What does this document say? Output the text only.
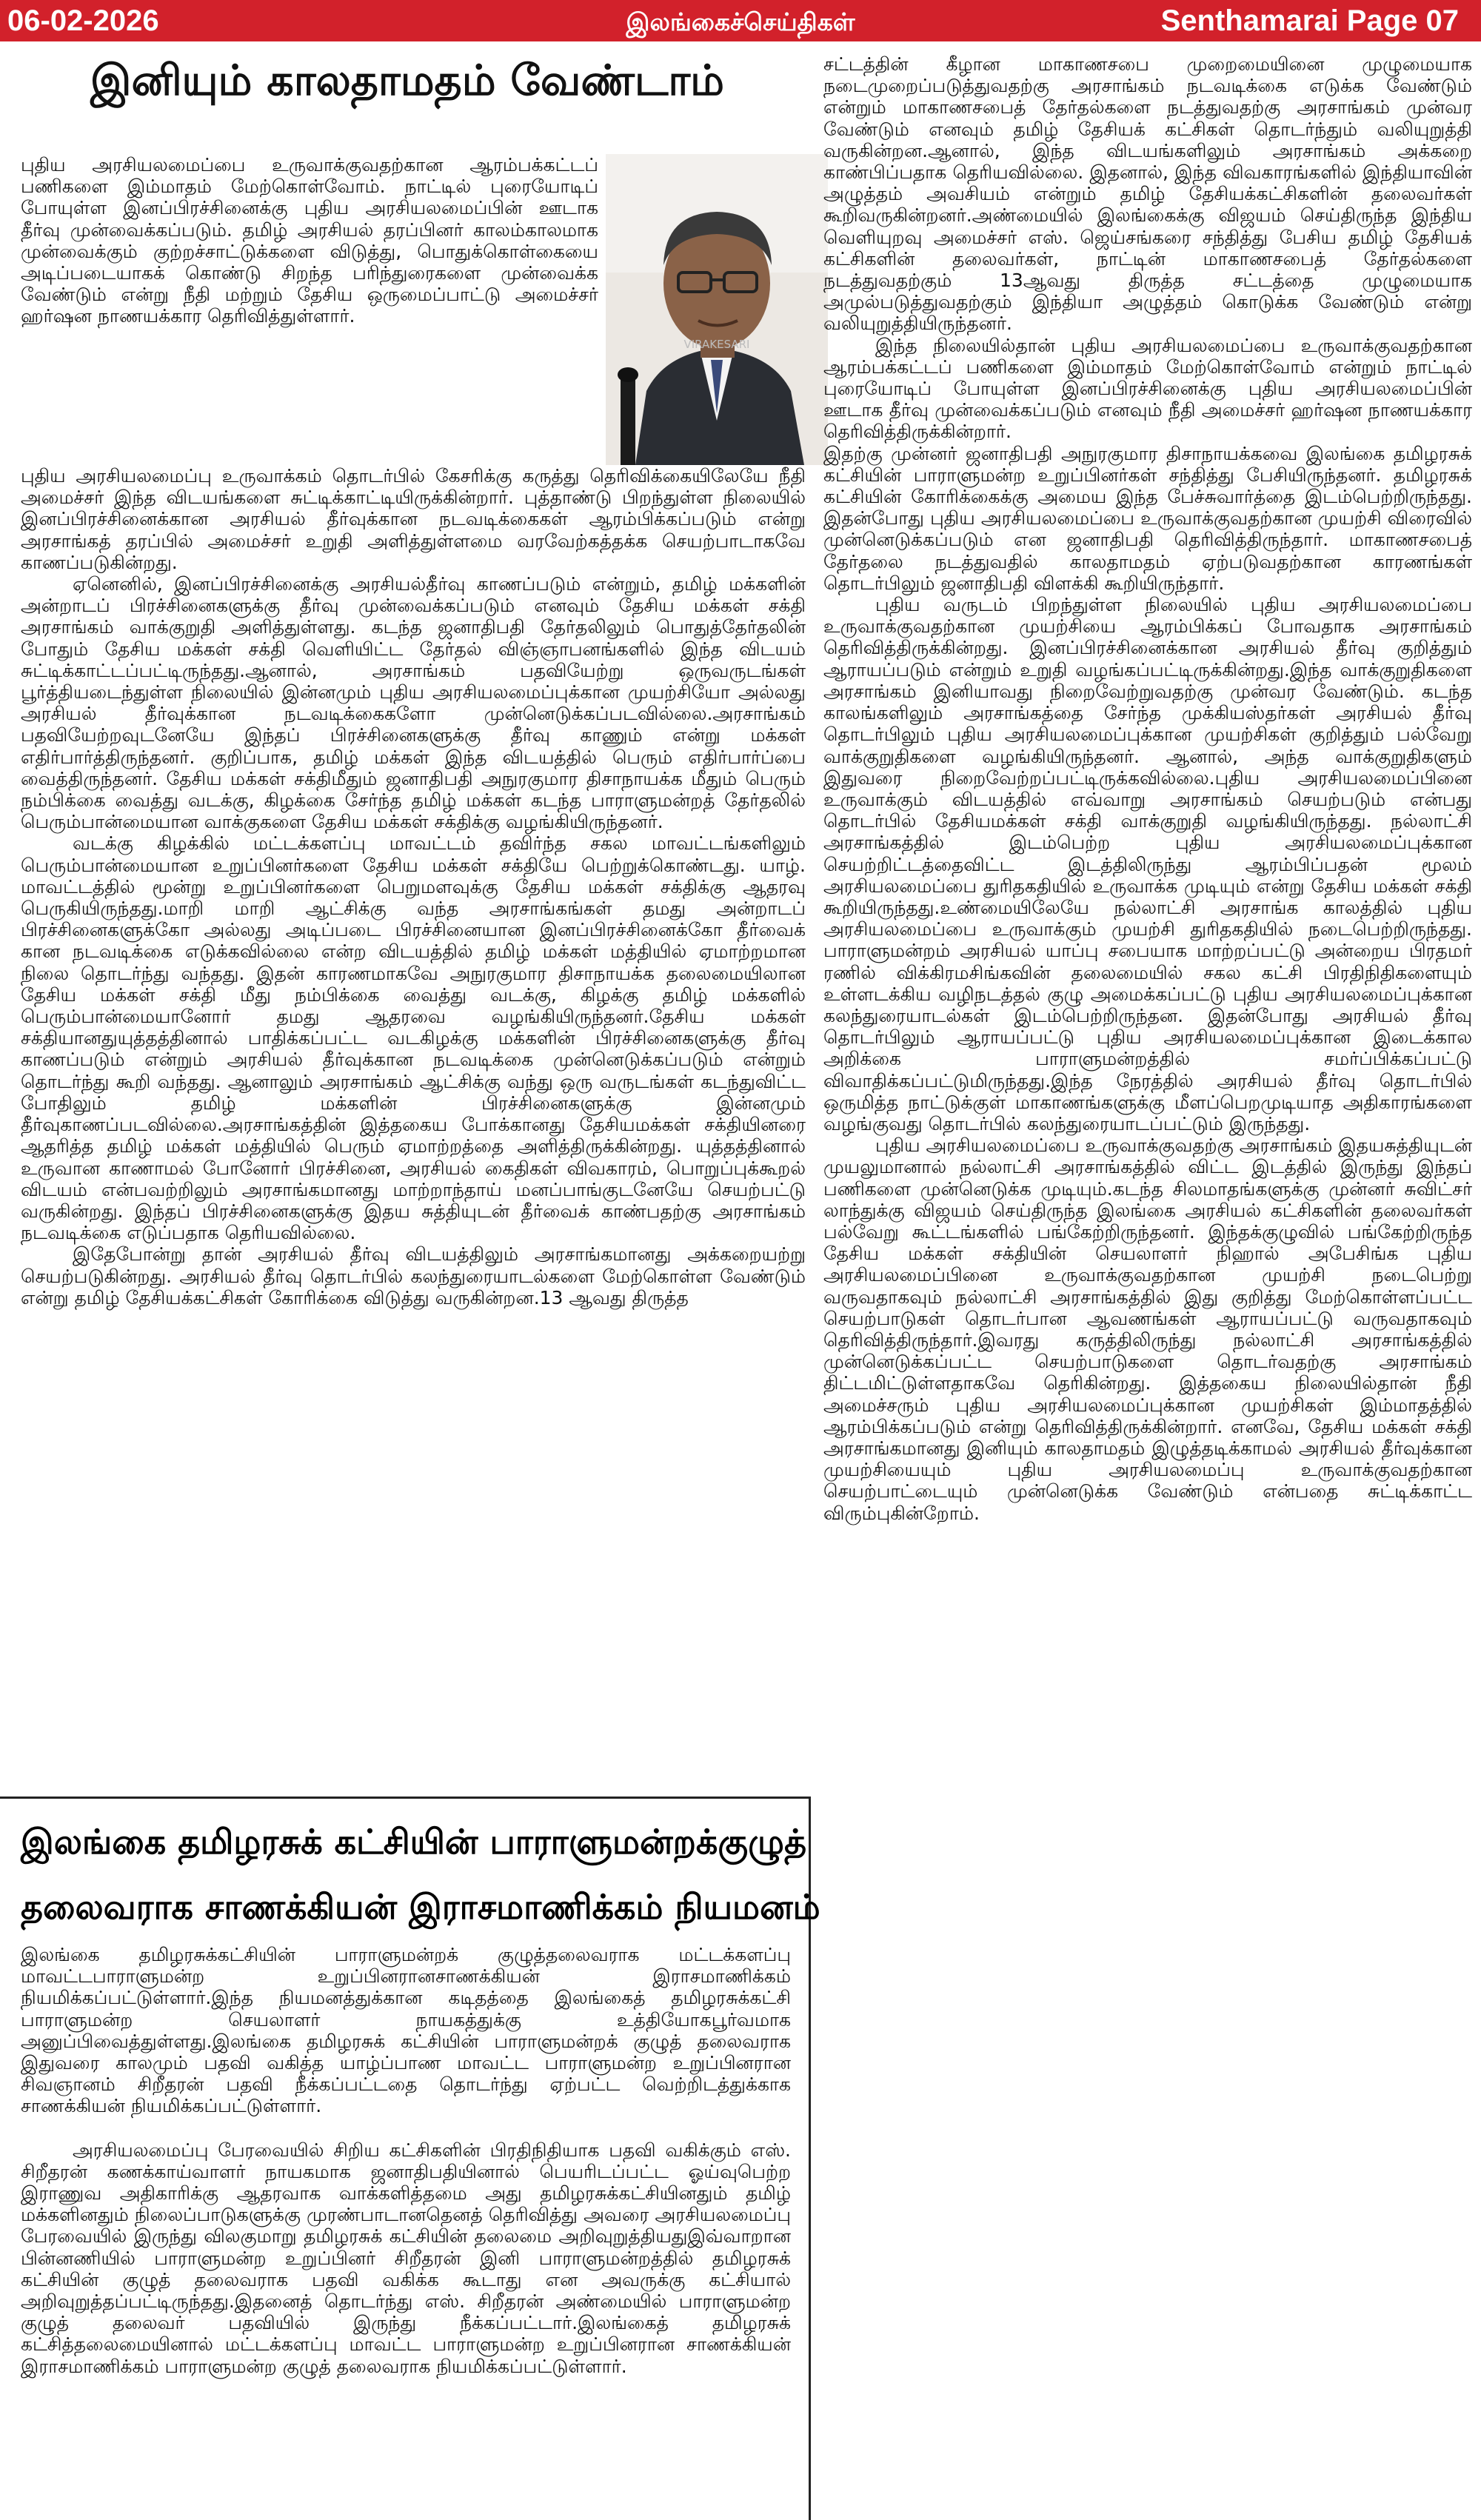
06-02-2026	இலங்கைச்செய்திகள்	Senthamarai Page 07
இனியும் காலதாமதம் வேண்டாம்
VIRAKESARI

புதிய அரசியலமைப்பை உருவாக்குவதற்கான ஆரம்பக்கட்டப் பணிகளை இம்மாதம் மேற்கொள்வோம். நாட்டில் புரையோடிப் போயுள்ள இனப்பிரச்சினைக்கு புதிய அரசியலமைப்பின் ஊடாக தீர்வு முன்வைக்கப்படும். தமிழ் அரசியல் தரப்பினர் காலம்காலமாக முன்வைக்கும் குற்றச்சாட்டுக்களை விடுத்து, பொதுக்கொள்கையை அடிப்படையாகக் கொண்டு சிறந்த பரிந்துரைகளை முன்வைக்க வேண்டும் என்று நீதி மற்றும் தேசிய ஒருமைப்பாட்டு அமைச்சர் ஹர்ஷன நாணயக்கார தெரிவித்துள்ளார்.

புதிய அரசியலமைப்பு உருவாக்கம் தொடர்பில் கேசரிக்கு கருத்து தெரிவிக்கையிலேயே நீதி அமைச்சர் இந்த விடயங்களை சுட்டிக்காட்டியிருக்கின்றார். புத்தாண்டு பிறந்துள்ள நிலையில் இனப்பிரச்சினைக்கான அரசியல் தீர்வுக்கான நடவடிக்கைகள் ஆரம்பிக்கப்படும் என்று அரசாங்கத் தரப்பில் அமைச்சர் உறுதி அளித்துள்ளமை வரவேற்கத்தக்க செயற்பாடாகவே காணப்படுகின்றது.

ஏனெனில், இனப்பிரச்சினைக்கு அரசியல்தீர்வு காணப்படும் என்றும், தமிழ் மக்களின் அன்றாடப் பிரச்சினைகளுக்கு தீர்வு முன்வைக்கப்படும் எனவும் தேசிய மக்கள் சக்தி அரசாங்கம் வாக்குறுதி அளித்துள்ளது. கடந்த ஜனாதிபதி தேர்தலிலும் பொதுத்தேர்தலின் போதும் தேசிய மக்கள் சக்தி வெளியிட்ட தேர்தல் விஞ்ஞாபனங்களில் இந்த விடயம் சுட்டிக்காட்டப்பட்டிருந்தது.ஆனால், அரசாங்கம் பதவியேற்று ஒருவருடங்கள் பூர்த்தியடைந்துள்ள நிலையில் இன்னமும் புதிய அரசியலமைப்புக்கான முயற்சியோ அல்லது அரசியல் தீர்வுக்கான நடவடிக்கைகளோ முன்னெடுக்கப்படவில்லை.அரசாங்கம் பதவியேற்றவுடனேயே இந்தப் பிரச்சினைகளுக்கு தீர்வு காணும் என்று மக்கள் எதிர்பார்த்திருந்தனர். குறிப்பாக, தமிழ் மக்கள் இந்த விடயத்தில் பெரும் எதிர்பார்ப்பை வைத்திருந்தனர். தேசிய மக்கள் சக்திமீதும் ஜனாதிபதி அநுரகுமார திசாநாயக்க மீதும் பெரும் நம்பிக்கை வைத்து வடக்கு, கிழக்கை சேர்ந்த தமிழ் மக்கள் கடந்த பாராளுமன்றத் தேர்தலில் பெரும்பான்மையான வாக்குகளை தேசிய மக்கள் சக்திக்கு வழங்கியிருந்தனர்.

வடக்கு கிழக்கில் மட்டக்களப்பு மாவட்டம் தவிர்ந்த சகல மாவட்டங்களிலும் பெரும்பான்மையான உறுப்பினர்களை தேசிய மக்கள் சக்தியே பெற்றுக்கொண்டது. யாழ். மாவட்டத்தில் மூன்று உறுப்பினர்களை பெறுமளவுக்கு தேசிய மக்கள் சக்திக்கு ஆதரவு பெருகியிருந்தது.மாறி மாறி ஆட்சிக்கு வந்த அரசாங்கங்கள் தமது அன்றாடப் பிரச்சினைகளுக்கோ அல்லது அடிப்படை பிரச்சினையான இனப்பிரச்சினைக்கோ தீர்வைக் கான நடவடிக்கை எடுக்கவில்லை என்ற விடயத்தில் தமிழ் மக்கள் மத்தியில் ஏமாற்றமான நிலை தொடர்ந்து வந்தது. இதன் காரணமாகவே அநுரகுமார திசாநாயக்க தலைமையிலான தேசிய மக்கள் சக்தி மீது நம்பிக்கை வைத்து வடக்கு, கிழக்கு தமிழ் மக்களில் பெரும்பான்மையானோர் தமது ஆதரவை வழங்கியிருந்தனர்.தேசிய மக்கள் சக்தியானதுயுத்தத்தினால் பாதிக்கப்பட்ட வடகிழக்கு மக்களின் பிரச்சினைகளுக்கு தீர்வு காணப்படும் என்றும் அரசியல் தீர்வுக்கான நடவடிக்கை முன்னெடுக்கப்படும் என்றும் தொடர்ந்து கூறி வந்தது. ஆனாலும் அரசாங்கம் ஆட்சிக்கு வந்து ஒரு வருடங்கள் கடந்துவிட்ட போதிலும் தமிழ் மக்களின் பிரச்சினைகளுக்கு இன்னமும் தீர்வுகாணப்படவில்லை.அரசாங்கத்தின் இத்தகைய போக்கானது தேசியமக்கள் சக்தியினரை ஆதரித்த தமிழ் மக்கள் மத்தியில் பெரும் ஏமாற்றத்தை அளித்திருக்கின்றது. யுத்தத்தினால் உருவான காணாமல் போனோர் பிரச்சினை, அரசியல் கைதிகள் விவகாரம், பொறுப்புக்கூறல் விடயம் என்பவற்றிலும் அரசாங்கமானது மாற்றாந்தாய் மனப்பாங்குடனேயே செயற்பட்டு வருகின்றது. இந்தப் பிரச்சினைகளுக்கு இதய சுத்தியுடன் தீர்வைக் காண்பதற்கு அரசாங்கம் நடவடிக்கை எடுப்பதாக தெரியவில்லை.

இதேபோன்று தான் அரசியல் தீர்வு விடயத்திலும் அரசாங்கமானது அக்கறையற்று செயற்படுகின்றது. அரசியல் தீர்வு தொடர்பில் கலந்துரையாடல்களை மேற்கொள்ள வேண்டும் என்று தமிழ் தேசியக்கட்சிகள் கோரிக்கை விடுத்து வருகின்றன.13 ஆவது திருத்த

சட்டத்தின் கீழான மாகாணசபை முறைமையினை முழுமையாக நடைமுறைப்படுத்துவதற்கு அரசாங்கம் நடவடிக்கை எடுக்க வேண்டும் என்றும் மாகாணசபைத் தேர்தல்களை நடத்துவதற்கு அரசாங்கம் முன்வர வேண்டும் எனவும் தமிழ் தேசியக் கட்சிகள் தொடர்ந்தும் வலியுறுத்தி வருகின்றன.ஆனால், இந்த விடயங்களிலும் அரசாங்கம் அக்கறை காண்பிப்பதாக தெரியவில்லை. இதனால், இந்த விவகாரங்களில் இந்தியாவின் அழுத்தம் அவசியம் என்றும் தமிழ் தேசியக்கட்சிகளின் தலைவர்கள் கூறிவருகின்றனர்.அண்மையில் இலங்கைக்கு விஜயம் செய்திருந்த இந்திய வெளியுறவு அமைச்சர் எஸ். ஜெய்சங்கரை சந்தித்து பேசிய தமிழ் தேசியக் கட்சிகளின் தலைவர்கள், நாட்டின் மாகாணசபைத் தேர்தல்களை நடத்துவதற்கும் 13ஆவது திருத்த சட்டத்தை முழுமையாக அமுல்படுத்துவதற்கும் இந்தியா அழுத்தம் கொடுக்க வேண்டும் என்று வலியுறுத்தியிருந்தனர்.

இந்த நிலையில்தான் புதிய அரசியலமைப்பை உருவாக்குவதற்கான ஆரம்பக்கட்டப் பணிகளை இம்மாதம் மேற்கொள்வோம் என்றும் நாட்டில் புரையோடிப் போயுள்ள இனப்பிரச்சினைக்கு புதிய அரசியலமைப்பின் ஊடாக தீர்வு முன்வைக்கப்படும் எனவும் நீதி அமைச்சர் ஹர்ஷன நாணயக்கார தெரிவித்திருக்கின்றார்.

இதற்கு முன்னர் ஜனாதிபதி அநுரகுமார திசாநாயக்கவை இலங்கை தமிழரசுக் கட்சியின் பாராளுமன்ற உறுப்பினர்கள் சந்தித்து பேசியிருந்தனர். தமிழரசுக் கட்சியின் கோரிக்கைக்கு அமைய இந்த பேச்சுவார்த்தை இடம்பெற்றிருந்தது. இதன்போது புதிய அரசியலமைப்பை உருவாக்குவதற்கான முயற்சி விரைவில் முன்னெடுக்கப்படும் என ஜனாதிபதி தெரிவித்திருந்தார். மாகாணசபைத் தேர்தலை நடத்துவதில் காலதாமதம் ஏற்படுவதற்கான காரணங்கள் தொடர்பிலும் ஜனாதிபதி விளக்கி கூறியிருந்தார்.

புதிய வருடம் பிறந்துள்ள நிலையில் புதிய அரசியலமைப்பை உருவாக்குவதற்கான முயற்சியை ஆரம்பிக்கப் போவதாக அரசாங்கம் தெரிவித்திருக்கின்றது. இனப்பிரச்சினைக்கான அரசியல் தீர்வு குறித்தும் ஆராயப்படும் என்றும் உறுதி வழங்கப்பட்டிருக்கின்றது.இந்த வாக்குறுதிகளை அரசாங்கம் இனியாவது நிறைவேற்றுவதற்கு முன்வர வேண்டும். கடந்த காலங்களிலும் அரசாங்கத்தை சேர்ந்த முக்கியஸ்தர்கள் அரசியல் தீர்வு தொடர்பிலும் புதிய அரசியலமைப்புக்கான முயற்சிகள் குறித்தும் பல்வேறு வாக்குறுதிகளை வழங்கியிருந்தனர். ஆனால், அந்த வாக்குறுதிகளும் இதுவரை நிறைவேற்றப்பட்டிருக்கவில்லை.புதிய அரசியலமைப்பினை உருவாக்கும் விடயத்தில் எவ்வாறு அரசாங்கம் செயற்படும் என்பது தொடர்பில் தேசியமக்கள் சக்தி வாக்குறுதி வழங்கியிருந்தது. நல்லாட்சி அரசாங்கத்தில் இடம்பெற்ற புதிய அரசியலமைப்புக்கான செயற்றிட்டத்தைவிட்ட இடத்திலிருந்து ஆரம்பிப்பதன் மூலம் அரசியலமைப்பை துரிதகதியில் உருவாக்க முடியும் என்று தேசிய மக்கள் சக்தி கூறியிருந்தது.உண்மையிலேயே நல்லாட்சி அரசாங்க காலத்தில் புதிய அரசியலமைப்பை உருவாக்கும் முயற்சி துரிதகதியில் நடைபெற்றிருந்தது. பாராளுமன்றம் அரசியல் யாப்பு சபையாக மாற்றப்பட்டு அன்றைய பிரதமர் ரணில் விக்கிரமசிங்கவின் தலைமையில் சகல கட்சி பிரதிநிதிகளையும் உள்ளடக்கிய வழிநடத்தல் குழு அமைக்கப்பட்டு புதிய அரசியலமைப்புக்கான கலந்துரையாடல்கள் இடம்பெற்றிருந்தன. இதன்போது அரசியல் தீர்வு தொடர்பிலும் ஆராயப்பட்டு புதிய அரசியலமைப்புக்கான இடைக்கால அறிக்கை பாராளுமன்றத்தில் சமர்ப்பிக்கப்பட்டு விவாதிக்கப்பட்டுமிருந்தது.இந்த நேரத்தில் அரசியல் தீர்வு தொடர்பில் ஒருமித்த நாட்டுக்குள் மாகாணங்களுக்கு மீளப்பெறமுடியாத அதிகாரங்களை வழங்குவது தொடர்பில் கலந்துரையாடப்பட்டும் இருந்தது.

புதிய அரசியலமைப்பை உருவாக்குவதற்கு அரசாங்கம் இதயசுத்தியுடன் முயலுமானால் நல்லாட்சி அரசாங்கத்தில் விட்ட இடத்தில் இருந்து இந்தப் பணிகளை முன்னெடுக்க முடியும்.கடந்த சிலமாதங்களுக்கு முன்னர் சுவிட்சர் லாந்துக்கு விஜயம் செய்திருந்த இலங்கை அரசியல் கட்சிகளின் தலைவர்கள் பல்வேறு கூட்டங்களில் பங்கேற்றிருந்தனர். இந்தக்குழுவில் பங்கேற்றிருந்த தேசிய மக்கள் சக்தியின் செயலாளர் நிஹால் அபேசிங்க புதிய அரசியலமைப்பினை உருவாக்குவதற்கான முயற்சி நடைபெற்று வருவதாகவும் நல்லாட்சி அரசாங்கத்தில் இது குறித்து மேற்கொள்ளப்பட்ட செயற்பாடுகள் தொடர்பான ஆவணங்கள் ஆராயப்பட்டு வருவதாகவும் தெரிவித்திருந்தார்.இவரது கருத்திலிருந்து நல்லாட்சி அரசாங்கத்தில் முன்னெடுக்கப்பட்ட செயற்பாடுகளை தொடர்வதற்கு அரசாங்கம் திட்டமிட்டுள்ளதாகவே தெரிகின்றது. இத்தகைய நிலையில்தான் நீதி அமைச்சரும் புதிய அரசியலமைப்புக்கான முயற்சிகள் இம்மாதத்தில் ஆரம்பிக்கப்படும் என்று தெரிவித்திருக்கின்றார். எனவே, தேசிய மக்கள் சக்தி அரசாங்கமானது இனியும் காலதாமதம் இழுத்தடிக்காமல் அரசியல் தீர்வுக்கான முயற்சியையும் புதிய அரசியலமைப்பு உருவாக்குவதற்கான செயற்பாட்டையும் முன்னெடுக்க வேண்டும் என்பதை சுட்டிக்காட்ட விரும்புகின்றோம்.

இலங்கை தமிழரசுக் கட்சியின் பாராளுமன்றக்குழுத்
தலைவராக சாணக்கியன் இராசமாணிக்கம் நியமனம்

இலங்கை தமிழரசுக்கட்சியின் பாராளுமன்றக் குழுத்தலைவராக மட்டக்களப்பு மாவட்டபாராளுமன்ற உறுப்பினரானசாணக்கியன் இராசமாணிக்கம் நியமிக்கப்பட்டுள்ளார்.இந்த நியமனத்துக்கான கடிதத்தை இலங்கைத் தமிழரசுக்கட்சி பாராளுமன்ற செயலாளர் நாயகத்துக்கு உத்தியோகபூர்வமாக அனுப்பிவைத்துள்ளது.இலங்கை தமிழரசுக் கட்சியின் பாராளுமன்றக் குழுத் தலைவராக இதுவரை காலமும் பதவி வகித்த யாழ்ப்பாண மாவட்ட பாராளுமன்ற உறுப்பினரான சிவஞானம் சிறீதரன் பதவி நீக்கப்பட்டதை தொடர்ந்து ஏற்பட்ட வெற்றிடத்துக்காக சாணக்கியன் நியமிக்கப்பட்டுள்ளார்.

அரசியலமைப்பு பேரவையில் சிறிய கட்சிகளின் பிரதிநிதியாக பதவி வகிக்கும் எஸ். சிறீதரன் கணக்காய்வாளர் நாயகமாக ஜனாதிபதியினால் பெயரிடப்பட்ட ஓய்வுபெற்ற இராணுவ அதிகாரிக்கு ஆதரவாக வாக்களித்தமை அது தமிழரசுக்கட்சியினதும் தமிழ் மக்களினதும் நிலைப்பாடுகளுக்கு முரண்பாடானதெனத் தெரிவித்து அவரை அரசியலமைப்பு பேரவையில் இருந்து விலகுமாறு தமிழரசுக் கட்சியின் தலைமை அறிவுறுத்தியதுஇவ்வாறான பின்னணியில் பாராளுமன்ற உறுப்பினர் சிறீதரன் இனி பாராளுமன்றத்தில் தமிழரசுக் கட்சியின் குழுத் தலைவராக பதவி வகிக்க கூடாது என அவருக்கு கட்சியால் அறிவுறுத்தப்பட்டிருந்தது.இதனைத் தொடர்ந்து எஸ். சிறீதரன் அண்மையில் பாராளுமன்ற குழுத் தலைவர் பதவியில் இருந்து நீக்கப்பட்டார்.இலங்கைத் தமிழரசுக் கட்சித்தலைமையினால் மட்டக்களப்பு மாவட்ட பாராளுமன்ற உறுப்பினரான சாணக்கியன் இராசமாணிக்கம் பாராளுமன்ற குழுத் தலைவராக நியமிக்கப்பட்டுள்ளார்.
